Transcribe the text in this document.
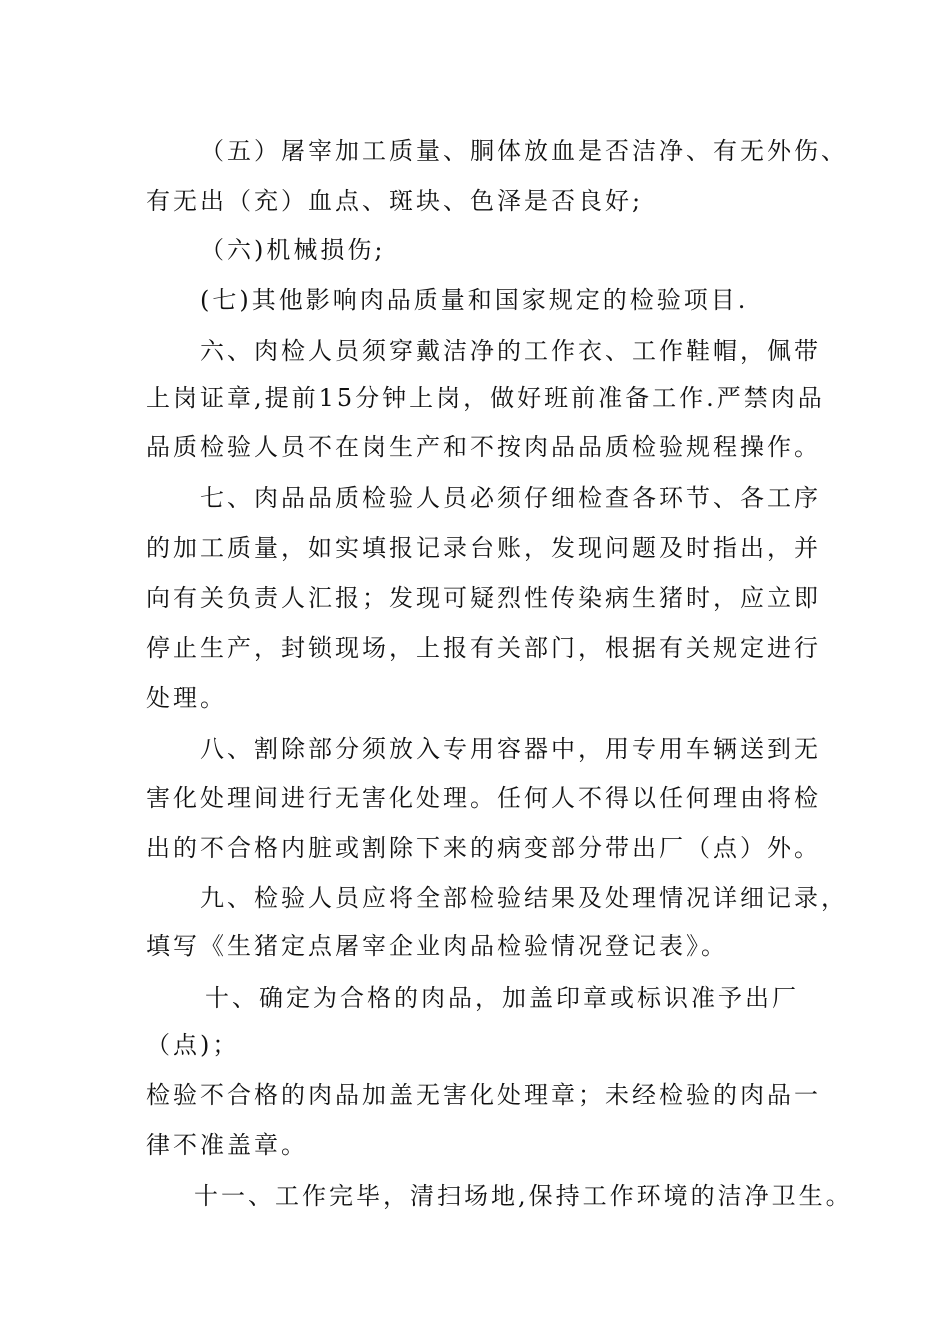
（五）屠宰加工质量、胴体放血是否洁净、有无外伤、
有无出（充）血点、斑块、色泽是否良好;
（六)机械损伤;
(七)其他影响肉品质量和国家规定的检验项目.
六、肉检人员须穿戴洁净的工作衣、工作鞋帽，佩带
上岗证章,提前15分钟上岗，做好班前准备工作.严禁肉品
品质检验人员不在岗生产和不按肉品品质检验规程操作。
七、肉品品质检验人员必须仔细检查各环节、各工序
的加工质量，如实填报记录台账，发现问题及时指出，并
向有关负责人汇报；发现可疑烈性传染病生猪时，应立即
停止生产，封锁现场，上报有关部门，根据有关规定进行
处理。
八、割除部分须放入专用容器中，用专用车辆送到无
害化处理间进行无害化处理。任何人不得以任何理由将检
出的不合格内脏或割除下来的病变部分带出厂（点）外。
九、检验人员应将全部检验结果及处理情况详细记录，
填写《生猪定点屠宰企业肉品检验情况登记表》。
十、确定为合格的肉品，加盖印章或标识准予出厂
（点)；
检验不合格的肉品加盖无害化处理章；未经检验的肉品一
律不准盖章。
十一、工作完毕，清扫场地,保持工作环境的洁净卫生。
